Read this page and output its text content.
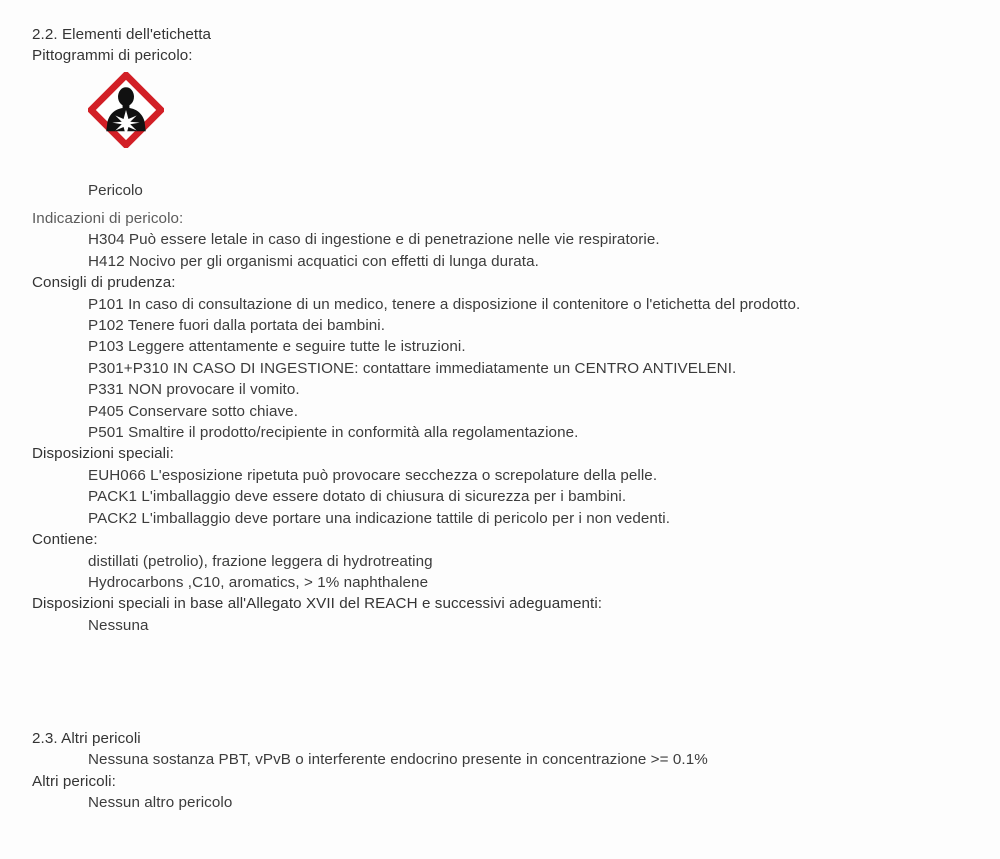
2.2. Elementi dell'etichetta
Pittogrammi di pericolo:
Pericolo
Indicazioni di pericolo:
H304 Può essere letale in caso di ingestione e di penetrazione nelle vie respiratorie.
H412 Nocivo per gli organismi acquatici con effetti di lunga durata.
Consigli di prudenza:
P101 In caso di consultazione di un medico, tenere a disposizione il contenitore o l'etichetta del prodotto.
P102 Tenere fuori dalla portata dei bambini.
P103 Leggere attentamente e seguire tutte le istruzioni.
P301+P310 IN CASO DI INGESTIONE: contattare immediatamente un CENTRO ANTIVELENI.
P331 NON provocare il vomito.
P405 Conservare sotto chiave.
P501 Smaltire il prodotto/recipiente in conformità alla regolamentazione.
Disposizioni speciali:
EUH066 L'esposizione ripetuta può provocare secchezza o screpolature della pelle.
PACK1 L'imballaggio deve essere dotato di chiusura di sicurezza per i bambini.
PACK2 L'imballaggio deve portare una indicazione tattile di pericolo per i non vedenti.
Contiene:
distillati (petrolio), frazione leggera di hydrotreating
Hydrocarbons ,C10, aromatics, > 1% naphthalene
Disposizioni speciali in base all'Allegato XVII del REACH e successivi adeguamenti:
Nessuna
2.3. Altri pericoli
Nessuna sostanza PBT, vPvB o interferente endocrino presente in concentrazione >= 0.1%
Altri pericoli:
Nessun altro pericolo
